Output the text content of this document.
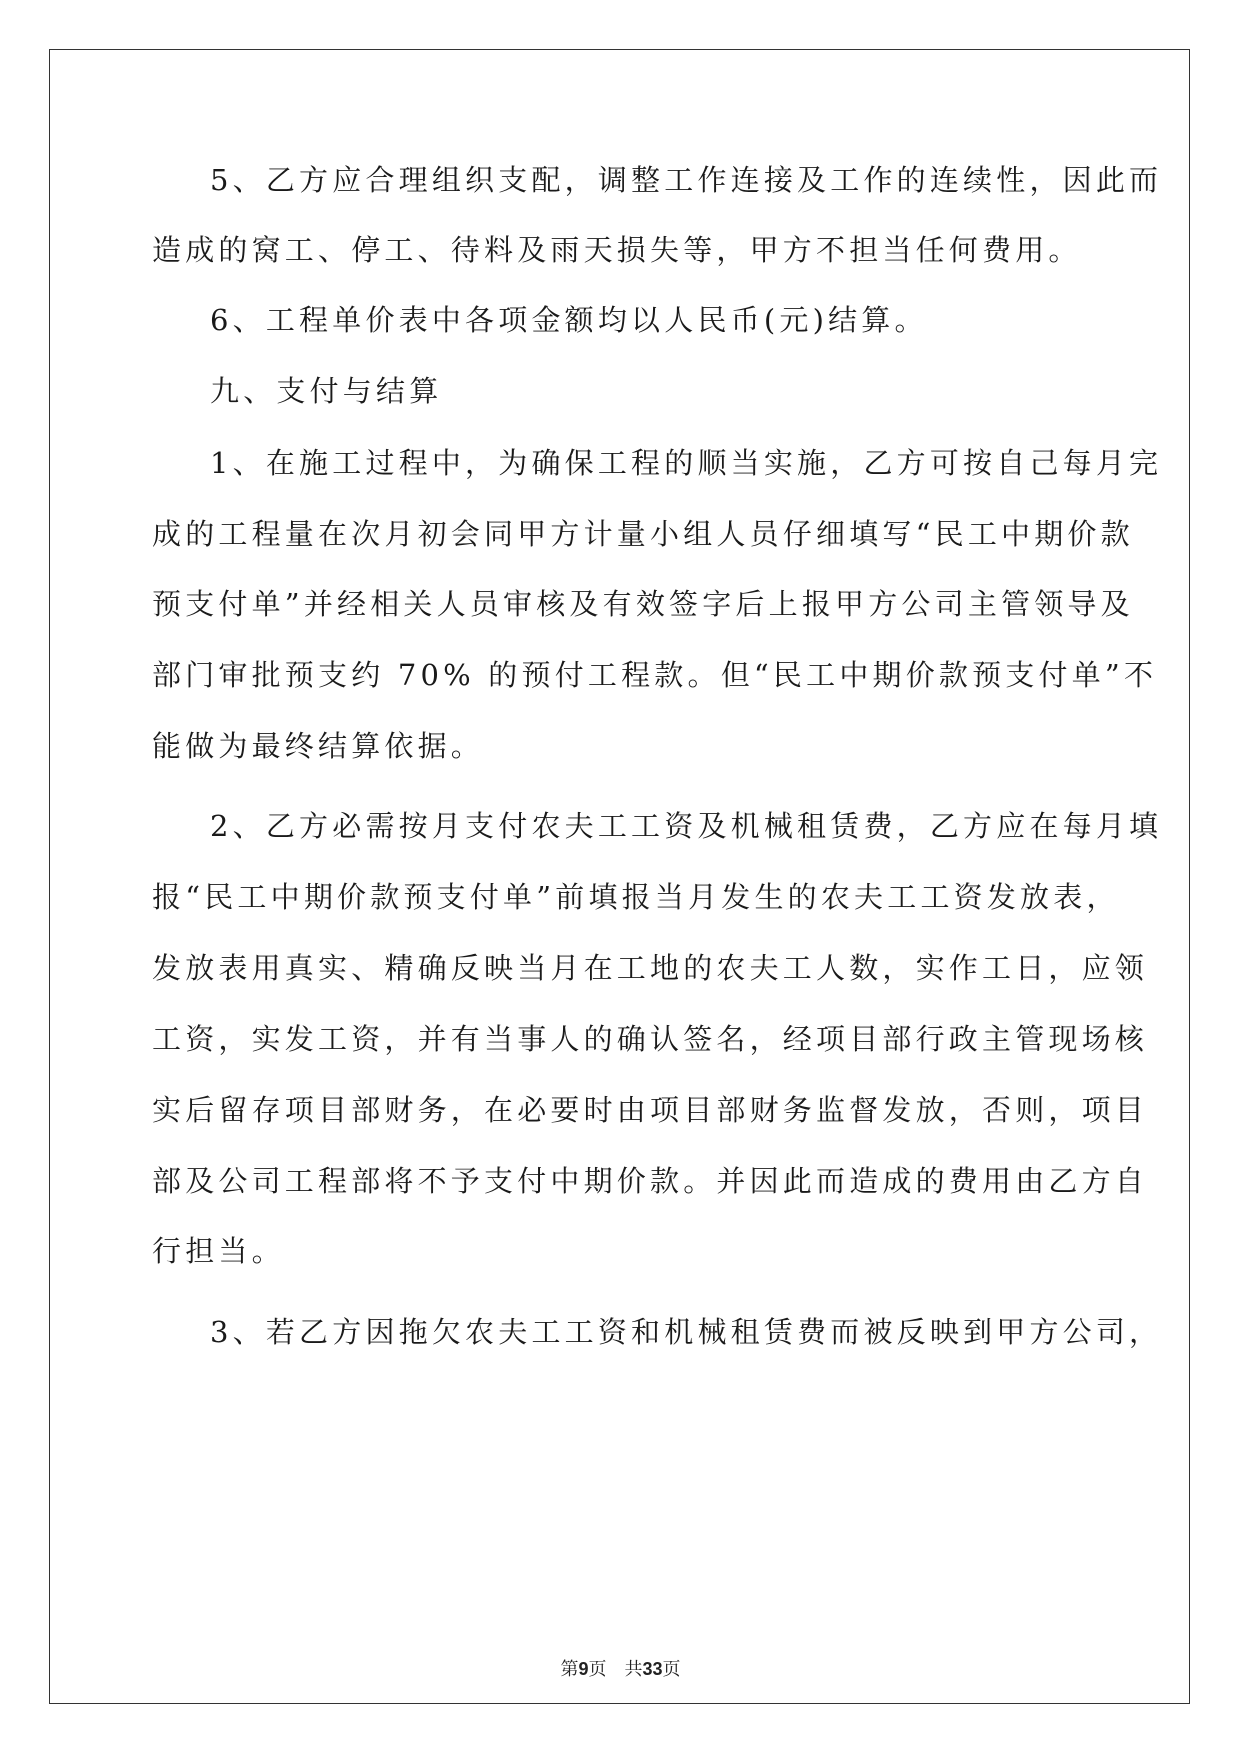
5、乙方应合理组织支配，调整工作连接及工作的连续性，因此而
造成的窝工、停工、待料及雨天损失等，甲方不担当任何费用。
6、工程单价表中各项金额均以人民币(元)结算。
九、支付与结算
1、在施工过程中，为确保工程的顺当实施，乙方可按自己每月完
成的工程量在次月初会同甲方计量小组人员仔细填写“民工中期价款
预支付单”并经相关人员审核及有效签字后上报甲方公司主管领导及
部门审批预支约 70% 的预付工程款。但“民工中期价款预支付单”不
能做为最终结算依据。
2、乙方必需按月支付农夫工工资及机械租赁费，乙方应在每月填
报“民工中期价款预支付单”前填报当月发生的农夫工工资发放表，
发放表用真实、精确反映当月在工地的农夫工人数，实作工日，应领
工资，实发工资，并有当事人的确认签名，经项目部行政主管现场核
实后留存项目部财务，在必要时由项目部财务监督发放，否则，项目
部及公司工程部将不予支付中期价款。并因此而造成的费用由乙方自
行担当。
3、若乙方因拖欠农夫工工资和机械租赁费而被反映到甲方公司，
第9页　共33页
